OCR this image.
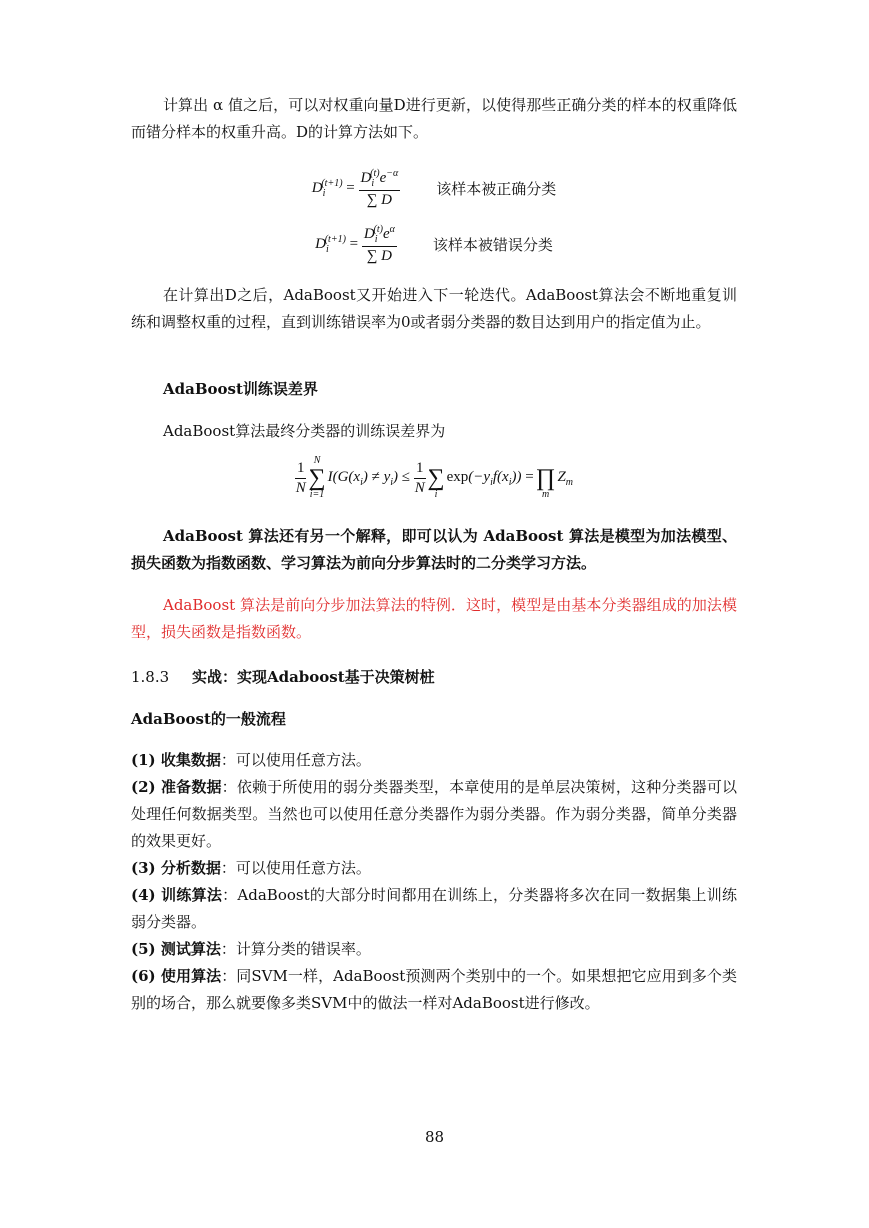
计算出 α 值之后，可以对权重向量D进行更新，以使得那些正确分类的样本的权重降低而错分样本的权重升高。D的计算方法如下。

$D_i^{(t+1)} = \frac{D_i^{(t)}e^{-\alpha}}{\sum D}$ 该样本被正确分类
$D_i^{(t+1)} = \frac{D_i^{(t)}e^\alpha}{\sum D}$ 该样本被错误分类

在计算出D之后，AdaBoost又开始进入下一轮迭代。AdaBoost算法会不断地重复训练和调整权重的过程，直到训练错误率为0或者弱分类器的数目达到用户的指定值为止。

AdaBoost训练误差界

AdaBoost算法最终分类器的训练误差界为

$\frac{1}{N}$ N
∑
i=1
$I(G(x_i) \ne y_i) \le \frac{1}{N}$
∑
i
$\exp(-y_if(x_i))$ =
∏
m
$Z_m$

AdaBoost 算法还有另一个解释，即可以认为 AdaBoost 算法是模型为加法模型、损失函数为指数函数、学习算法为前向分步算法时的二分类学习方法。

AdaBoost 算法是前向分步加法算法的特例．这时，模型是由基本分类器组成的加法模型，损失函数是指数函数。

1.8.3 实战：实现Adaboost基于决策树桩

AdaBoost的一般流程

(1) 收集数据：可以使用任意方法。
(2) 准备数据：依赖于所使用的弱分类器类型，本章使用的是单层决策树，这种分类器可以处理任何数据类型。当然也可以使用任意分类器作为弱分类器。作为弱分类器，简单分类器的效果更好。
(3) 分析数据：可以使用任意方法。
(4) 训练算法：AdaBoost的大部分时间都用在训练上，分类器将多次在同一数据集上训练弱分类器。
(5) 测试算法：计算分类的错误率。
(6) 使用算法：同SVM一样，AdaBoost预测两个类别中的一个。如果想把它应用到多个类别的场合，那么就要像多类SVM中的做法一样对AdaBoost进行修改。
88
